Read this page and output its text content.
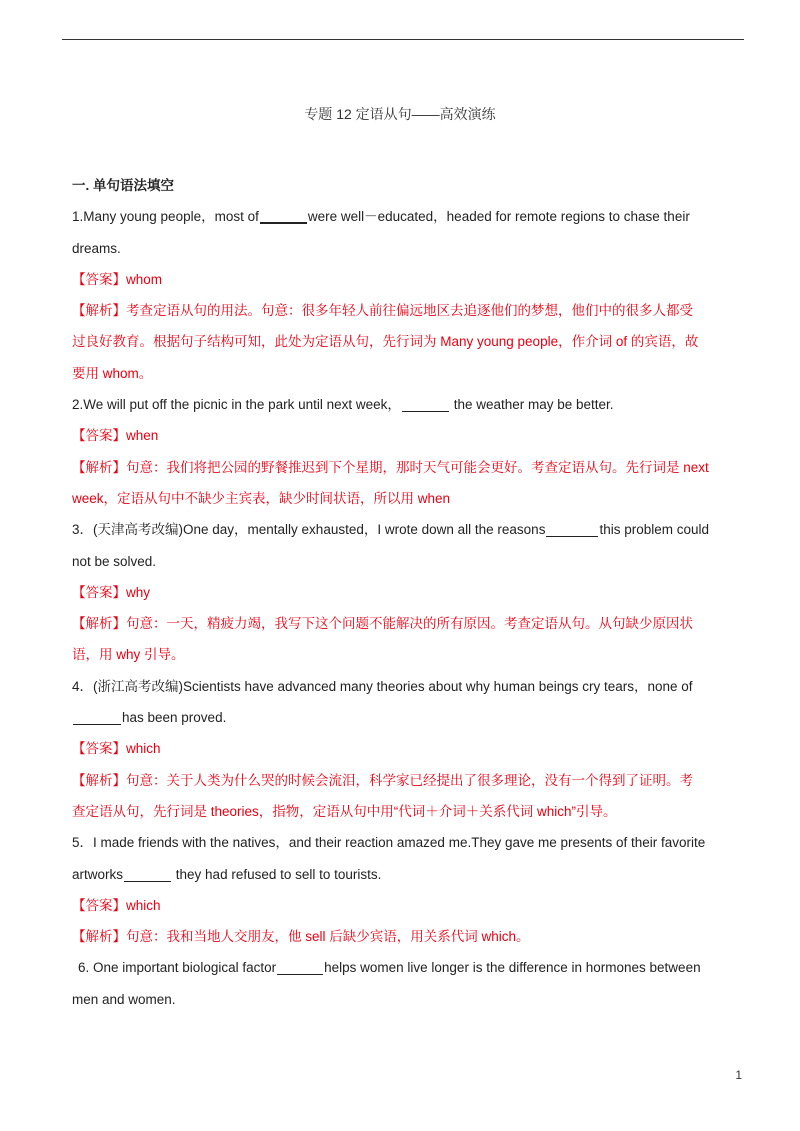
专题 12 定语从句——高效演练
一. 单句语法填空
1.Many young people，most of	were well－educated，headed for remote regions to chase their
dreams.
【答案】whom
【解析】考查定语从句的用法。句意：很多年轻人前往偏远地区去追逐他们的梦想，他们中的很多人都受
过良好教育。根据句子结构可知，此处为定语从句，先行词为 Many young people，作介词 of 的宾语，故
要用 whom。
2.We will put off the picnic in the park until next week，	the weather may be better.
【答案】when
【解析】句意：我们将把公园的野餐推迟到下个星期，那时天气可能会更好。考查定语从句。先行词是 next
week，定语从句中不缺少主宾表，缺少时间状语，所以用 when
3．(天津高考改编)One day，mentally exhausted，I wrote down all the reasons	this problem could
not be solved.
【答案】why
【解析】句意：一天，精疲力竭，我写下这个问题不能解决的所有原因。考查定语从句。从句缺少原因状
语，用 why 引导。
4．(浙江高考改编)Scientists have advanced many theories about why human beings cry tears，none of
has been proved.
【答案】which
【解析】句意：关于人类为什么哭的时候会流泪，科学家已经提出了很多理论，没有一个得到了证明。考
查定语从句，先行词是 theories，指物，定语从句中用“代词＋介词＋关系代词 which”引导。
5．I made friends with the natives，and their reaction amazed me.They gave me presents of their favorite
artworks	they had refused to sell to tourists.
【答案】which
【解析】句意：我和当地人交朋友，他 sell 后缺少宾语，用关系代词 which。
6. One important biological factor	helps women live longer is the difference in hormones between
men and women.
1
